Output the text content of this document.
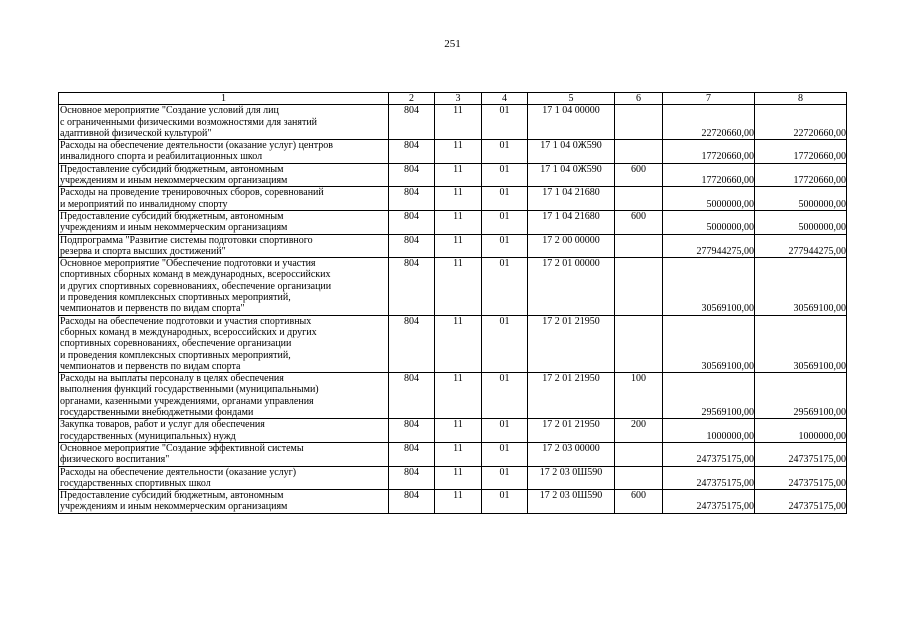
251
1	2	3	4	5	6	7	8

Основное мероприятие "Создание условий для лиц
с ограниченными физическими возможностями для занятий
адаптивной физической культурой"	804	11	01	17 1 04 00000		22720660,00	22720660,00

Расходы на обеспечение деятельности (оказание услуг) центров
инвалидного спорта и реабилитационных школ	804	11	01	17 1 04 0Ж590		17720660,00	17720660,00

Предоставление субсидий бюджетным, автономным
учреждениям и иным некоммерческим организациям	804	11	01	17 1 04 0Ж590	600	17720660,00	17720660,00

Расходы на проведение тренировочных сборов, соревнований
и мероприятий по инвалидному спорту	804	11	01	17 1 04 21680		5000000,00	5000000,00

Предоставление субсидий бюджетным, автономным
учреждениям и иным некоммерческим организациям	804	11	01	17 1 04 21680	600	5000000,00	5000000,00

Подпрограмма "Развитие системы подготовки спортивного
резерва и спорта высших достижений"	804	11	01	17 2 00 00000		277944275,00	277944275,00

Основное мероприятие "Обеспечение подготовки и участия
спортивных сборных команд в международных, всероссийских
и других спортивных соревнованиях, обеспечение организации
и проведения комплексных спортивных мероприятий,
чемпионатов и первенств по видам спорта"	804	11	01	17 2 01 00000		30569100,00	30569100,00

Расходы на обеспечение подготовки и участия спортивных
сборных команд в международных, всероссийских и других
спортивных соревнованиях, обеспечение организации
и проведения комплексных спортивных мероприятий,
чемпионатов и первенств по видам спорта	804	11	01	17 2 01 21950		30569100,00	30569100,00

Расходы на выплаты персоналу в целях обеспечения
выполнения функций государственными (муниципальными)
органами, казенными учреждениями, органами управления
государственными внебюджетными фондами	804	11	01	17 2 01 21950	100	29569100,00	29569100,00

Закупка товаров, работ и услуг для обеспечения
государственных (муниципальных) нужд	804	11	01	17 2 01 21950	200	1000000,00	1000000,00

Основное мероприятие "Создание эффективной системы
физического воспитания"	804	11	01	17 2 03 00000		247375175,00	247375175,00

Расходы на обеспечение деятельности (оказание услуг)
государственных спортивных школ	804	11	01	17 2 03 0Ш590		247375175,00	247375175,00

Предоставление субсидий бюджетным, автономным
учреждениям и иным некоммерческим организациям	804	11	01	17 2 03 0Ш590	600	247375175,00	247375175,00
